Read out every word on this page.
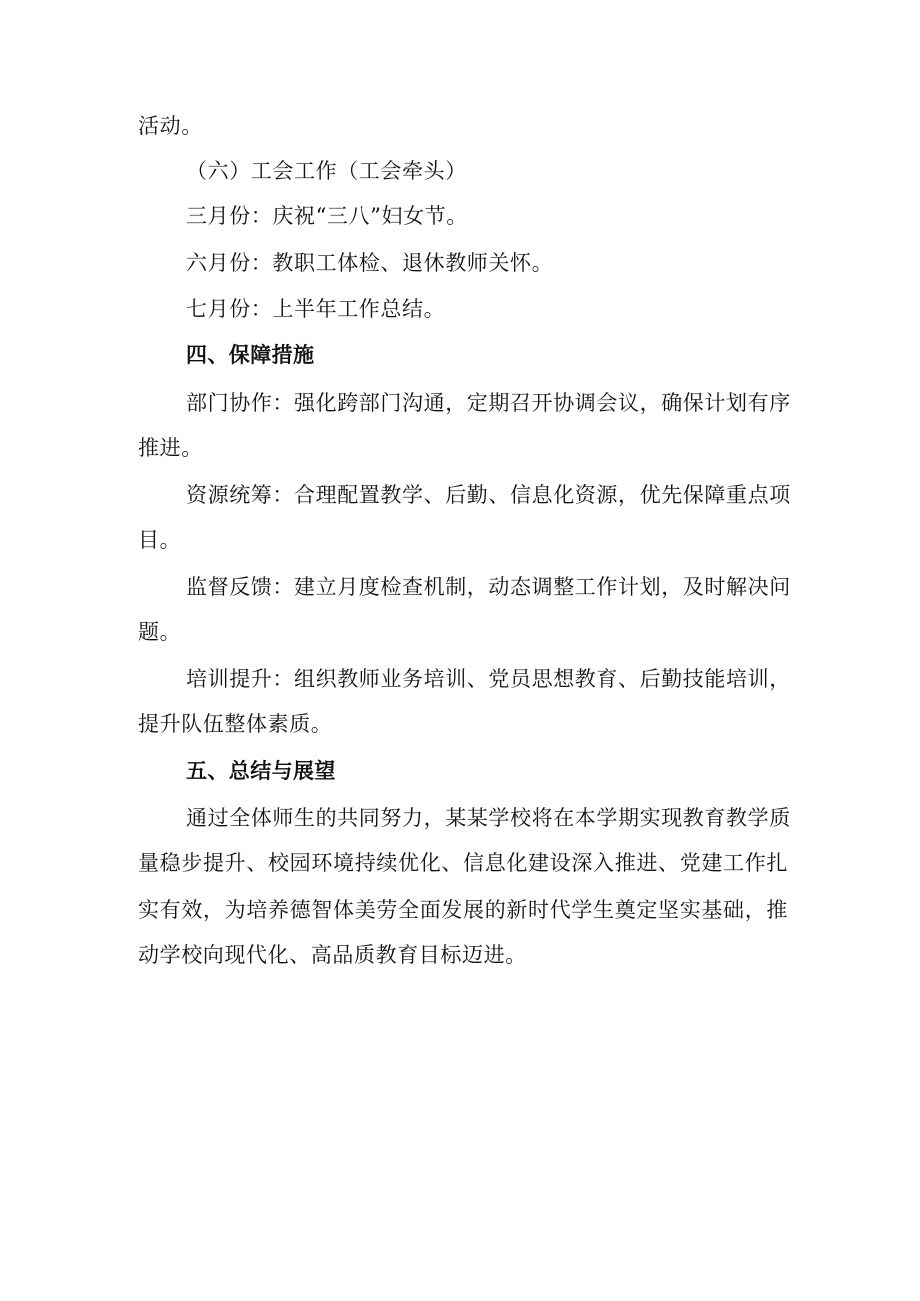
活动。
（六）工会工作（工会牵头）
三月份：庆祝“三八”妇女节。
六月份：教职工体检、退休教师关怀。
七月份：上半年工作总结。
四、保障措施
部门协作：强化跨部门沟通，定期召开协调会议，确保计划有序
推进。
资源统筹：合理配置教学、后勤、信息化资源，优先保障重点项
目。
监督反馈：建立月度检查机制，动态调整工作计划，及时解决问
题。
培训提升：组织教师业务培训、党员思想教育、后勤技能培训，
提升队伍整体素质。
五、总结与展望
通过全体师生的共同努力，某某学校将在本学期实现教育教学质
量稳步提升、校园环境持续优化、信息化建设深入推进、党建工作扎
实有效，为培养德智体美劳全面发展的新时代学生奠定坚实基础，推
动学校向现代化、高品质教育目标迈进。
